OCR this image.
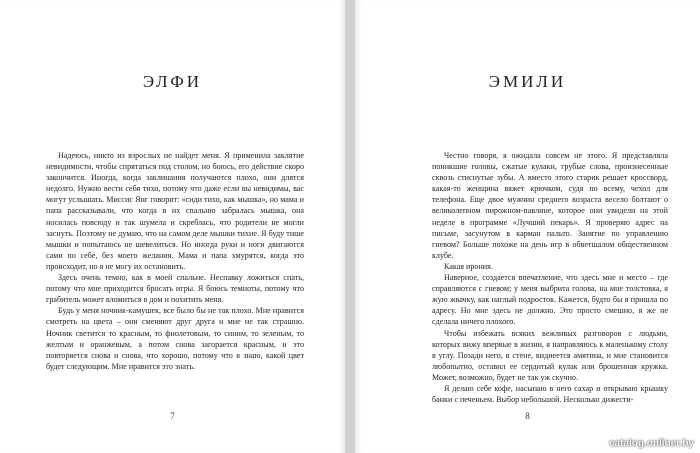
ЭЛФИ

Надеюсь, никто из взрослых не найдет меня. Я применила заклятие невидимости, чтобы спрятаться под столом, но боюсь, его действие скоро закончится. Иногда, когда заклинания получаются плохо, они длятся недолго. Нужно вести себя тихо, потому что даже если вы невидимы, вас могут услышать. Миссис Янг говорит: «сиди тихо, как мышка», но мама и папа рассказывали, что когда в их спальню забралась мышка, она носилась повсюду и так шумела и скреблась, что родители не могли заснуть. Поэтому не думаю, что на самом деле мышки тихие. Я буду тише мышки и попытаюсь не шевелиться. Но иногда руки и ноги двигаются сами по себе, без моего желания. Мама и папа хмурятся, когда это происходит, но я не могу их остановить.

Здесь очень темно, как в моей спальне. Неспавку ложиться спать, потому что мне приходится бросать игры. Я боюсь темноты, потому что грабитель может вломиться в дом и похитить меня.

Будь у меня ночник-камушек, все было бы не так плохо. Мне нравится смотреть на цвета – они сменяют друг друга и мне не так страшно. Ночник светится то красным, то фиолетовым, то синим, то зеленым, то желтым и оранжевым, а потом снова загорается красным, и это повторяется снова и снова, что хорошо, потому что я знаю, какой цвет будет следующим. Мне нравится это знать.

7
ЭМИЛИ

Честно говоря, я ожидала совсем не этого. Я представляла поникшие головы, сжатые кулаки, грубые слова, произнесенные сквозь стиснутые зубы. А вместо этого старик решает кроссворд, какая-то женщина вяжет крючком, судя по всему, чехол для телефона. Еще двое мужчин среднего возраста весело болтают о великолепном пирожном-павлине, которое они увидели на этой неделе в программе «Лучший пекарь». Я проверяю адрес на письме, засунутом в карман пальто. Занятие по управлению гневом? Больше похоже на день игр в обветшалом общественном клубе.

Какая ирония.

Наверное, создается впечатление, что здесь мне и место – где справляются с гневом; у меня выбрита голова, на мне толстовка, я жую жвачку, как наглый подросток. Кажется, будто бы я пришла по адресу. Но мне здесь не должно. Это просто смешно, я же не сделала ничего плохого.

Чтобы избежать всяких вежливых разговоров с людьми, которых вижу впервые в жизни, я направляюсь к маленькому столу в углу. Позади него, в стене, видиеется амятина, и мне становится любопытно, оставил ее сердитый кулак или брошенная кружка. Может, возможно, будет не так уж скучно.

Я делаю себе кофе, насыпаю в него сахар и открываю крышку банки с печеньем. Выбор небольшой. Несколько дижести-

8
catalog.onliner.by
